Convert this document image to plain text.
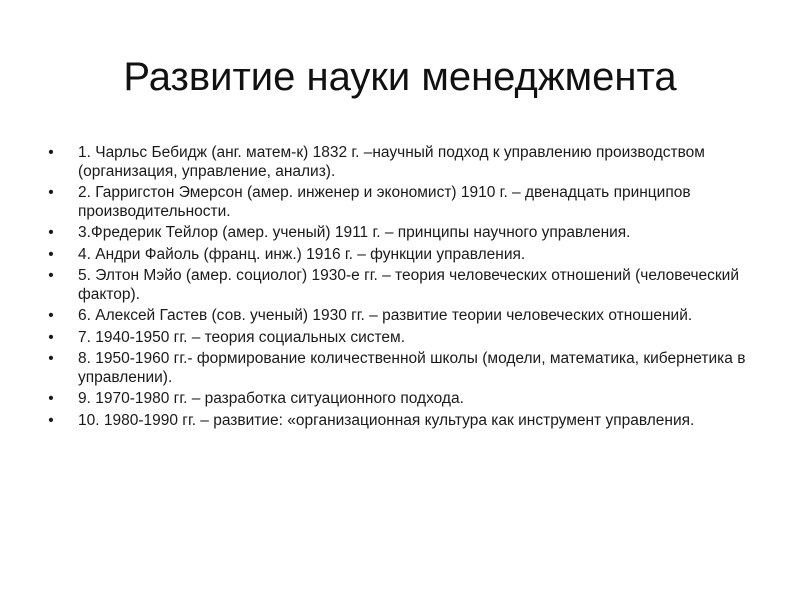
Развитие науки менеджмента
• 1. Чарльс Бебидж (анг. матем-к) 1832 г. –научный подход к управлению производством (организация, управление, анализ).
• 2. Гарригстон Эмерсон (амер. инженер и экономист) 1910 г. – двенадцать принципов производительности.
• 3.Фредерик Тейлор (амер. ученый) 1911 г. – принципы научного управления.
• 4. Андри Файоль (франц. инж.) 1916 г. – функции управления.
• 5. Элтон Мэйо (амер. социолог) 1930-е гг. – теория человеческих отношений (человеческий фактор).
• 6. Алексей Гастев (сов. ученый) 1930 гг. – развитие теории человеческих отношений.
• 7. 1940-1950 гг. – теория социальных систем.
• 8. 1950-1960 гг.- формирование количественной школы (модели, математика, кибернетика в управлении).
• 9. 1970-1980 гг. – разработка ситуационного подхода.
• 10. 1980-1990 гг. – развитие: «организационная культура как инструмент управления.
